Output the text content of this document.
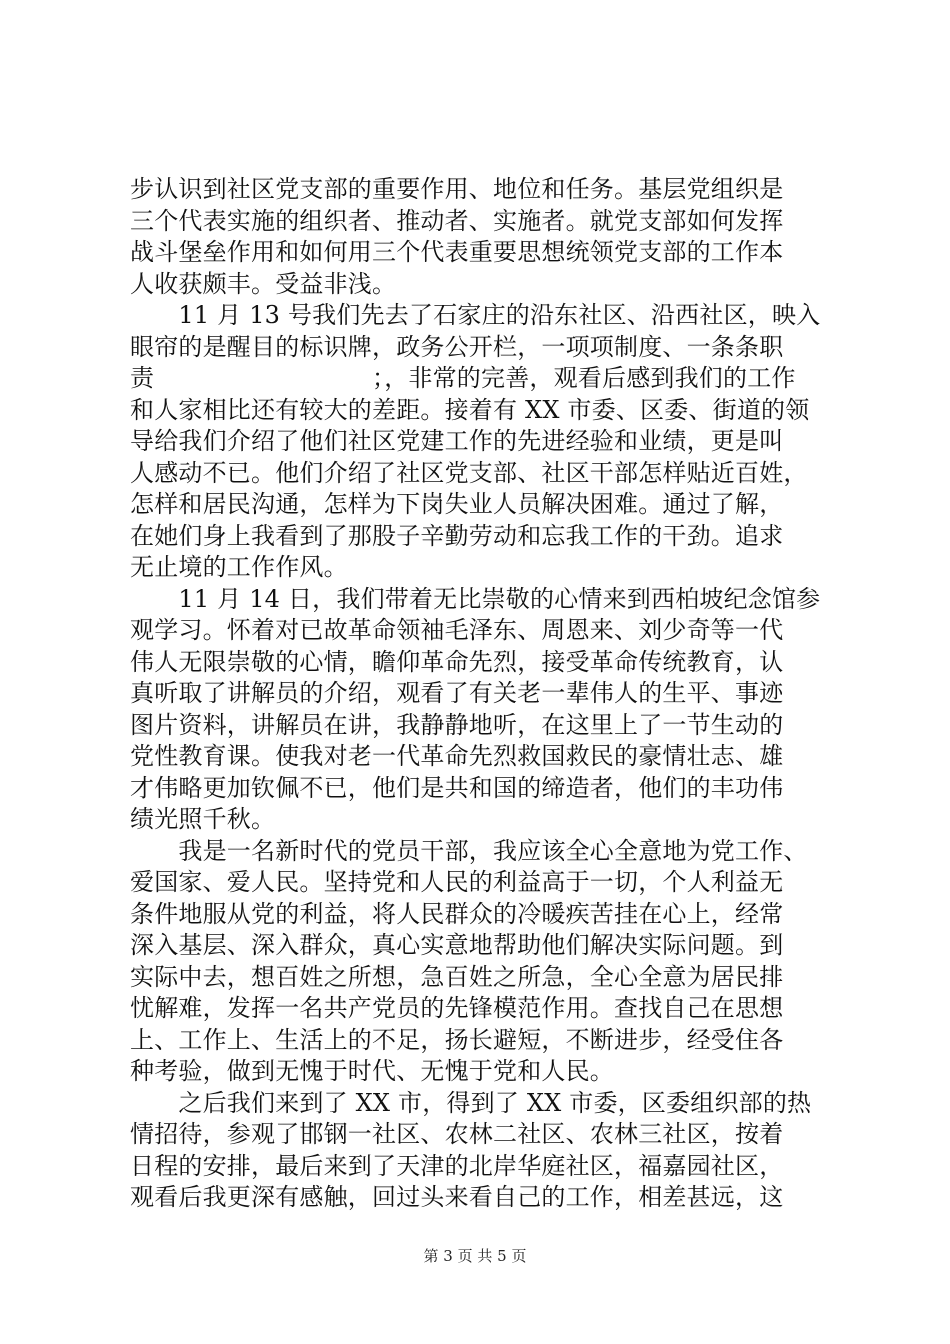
步认识到社区党支部的重要作用、地位和任务。基层党组织是
三个代表实施的组织者、推动者、实施者。就党支部如何发挥
战斗堡垒作用和如何用三个代表重要思想统领党支部的工作本
人收获颇丰。受益非浅。
　　11 月 13 号我们先去了石家庄的沿东社区、沿西社区，映入
眼帘的是醒目的标识牌，政务公开栏，一项项制度、一条条职
责　　　　　　　　　；，非常的完善，观看后感到我们的工作
和人家相比还有较大的差距。接着有 XX 市委、区委、街道的领
导给我们介绍了他们社区党建工作的先进经验和业绩，更是叫
人感动不已。他们介绍了社区党支部、社区干部怎样贴近百姓，
怎样和居民沟通，怎样为下岗失业人员解决困难。通过了解，
在她们身上我看到了那股子辛勤劳动和忘我工作的干劲。追求
无止境的工作作风。
　　11 月 14 日，我们带着无比崇敬的心情来到西柏坡纪念馆参
观学习。怀着对已故革命领袖毛泽东、周恩来、刘少奇等一代
伟人无限崇敬的心情，瞻仰革命先烈，接受革命传统教育，认
真听取了讲解员的介绍，观看了有关老一辈伟人的生平、事迹
图片资料，讲解员在讲，我静静地听，在这里上了一节生动的
党性教育课。使我对老一代革命先烈救国救民的豪情壮志、雄
才伟略更加钦佩不已，他们是共和国的缔造者，他们的丰功伟
绩光照千秋。
　　我是一名新时代的党员干部，我应该全心全意地为党工作、
爱国家、爱人民。坚持党和人民的利益高于一切，个人利益无
条件地服从党的利益，将人民群众的冷暖疾苦挂在心上，经常
深入基层、深入群众，真心实意地帮助他们解决实际问题。到
实际中去，想百姓之所想，急百姓之所急，全心全意为居民排
忧解难，发挥一名共产党员的先锋模范作用。查找自己在思想
上、工作上、生活上的不足，扬长避短，不断进步，经受住各
种考验，做到无愧于时代、无愧于党和人民。
　　之后我们来到了 XX 市，得到了 XX 市委，区委组织部的热
情招待，参观了邯钢一社区、农林二社区、农林三社区，按着
日程的安排，最后来到了天津的北岸华庭社区，福嘉园社区，
观看后我更深有感触，回过头来看自己的工作，相差甚远，这
第 3 页 共 5 页
